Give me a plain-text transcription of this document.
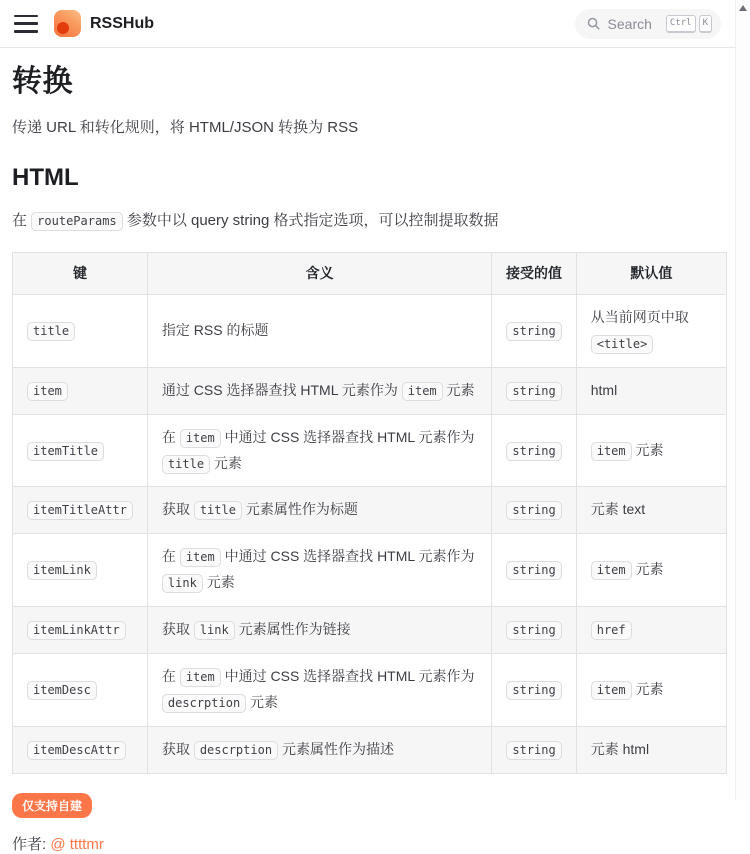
RSSHub	Search	Ctrl	K
转换

传递 URL 和转化规则，将 HTML/JSON 转换为 RSS

HTML

在 routeParams 参数中以 query string 格式指定选项，可以控制提取数据

键	含义	接受的值	默认值
title	指定 RSS 的标题	string	从当前网页中取 <title>
item	通过 CSS 选择器查找 HTML 元素作为 item 元素	string	html
itemTitle	在 item 中通过 CSS 选择器查找 HTML 元素作为 title 元素	string	item 元素
itemTitleAttr	获取 title 元素属性作为标题	string	元素 text
itemLink	在 item 中通过 CSS 选择器查找 HTML 元素作为 link 元素	string	item 元素
itemLinkAttr	获取 link 元素属性作为链接	string	href
itemDesc	在 item 中通过 CSS 选择器查找 HTML 元素作为 descrption 元素	string	item 元素
itemDescAttr	获取 descrption 元素属性作为描述	string	元素 html
仅支持自建

作者: @ ttttmr
